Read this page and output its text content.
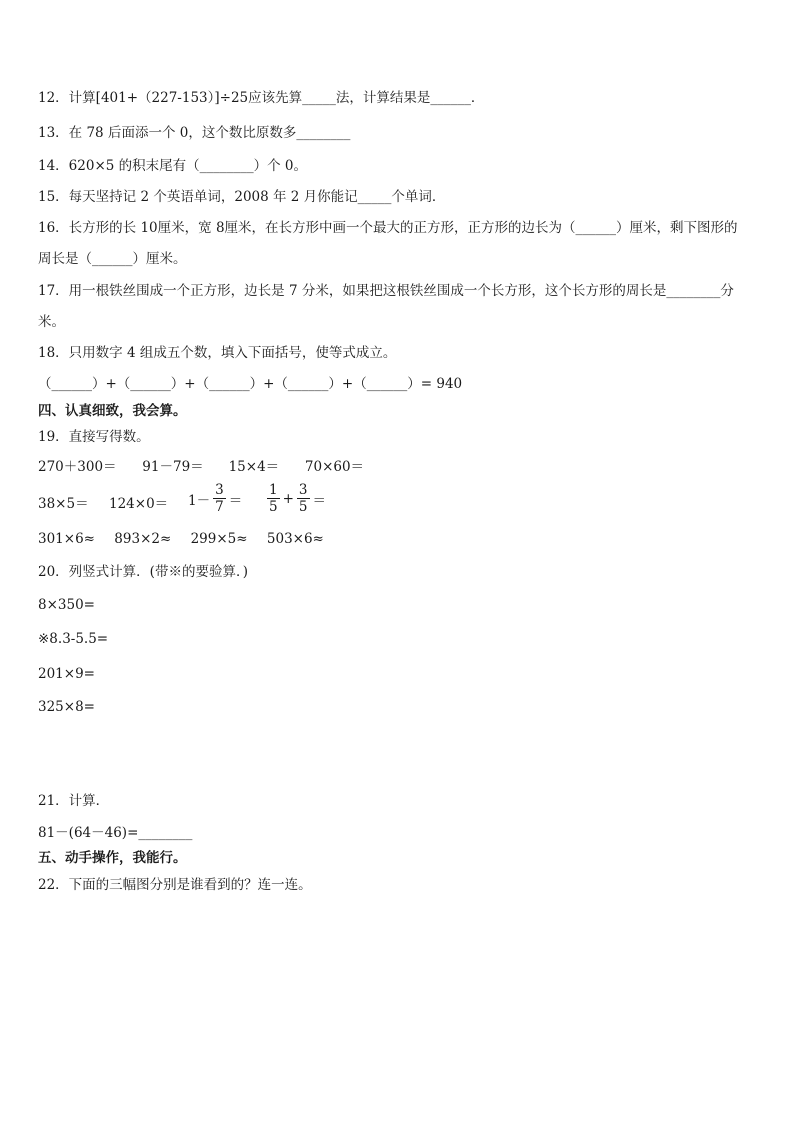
12．计算[401+（227-153）]÷25应该先算_____法，计算结果是______．
13．在 78 后面添一个 0，这个数比原数多________
14．620×5 的积末尾有（________）个 0。
15．每天坚持记 2 个英语单词，2008 年 2 月你能记_____个单词．
16．长方形的长 10厘米，宽 8厘米，在长方形中画一个最大的正方形，正方形的边长为（______）厘米，剩下图形的
周长是（______）厘米。
17．用一根铁丝围成一个正方形，边长是 7 分米，如果把这根铁丝围成一个长方形，这个长方形的周长是________分
米。
18．只用数字 4 组成五个数，填入下面括号，使等式成立。
（______）+（______）+（______）+（______）+（______）= 940
四、认真细致，我会算。
19．直接写得数。
270＋300＝ 91－79＝ 15×4＝ 70×60＝
$38\times 5= 124\times 0= 1- \frac{3}{7} = \frac{1}{5} + \frac{3}{5}$ ＝
301×6≈ 893×2≈ 299×5≈ 503×6≈
20．列竖式计算．(带※的要验算．)
8×350=
※8.3-5.5=
201×9=
325×8=
21．计算．
81－(64－46)=________
五、动手操作，我能行。
22．下面的三幅图分别是谁看到的？连一连。
